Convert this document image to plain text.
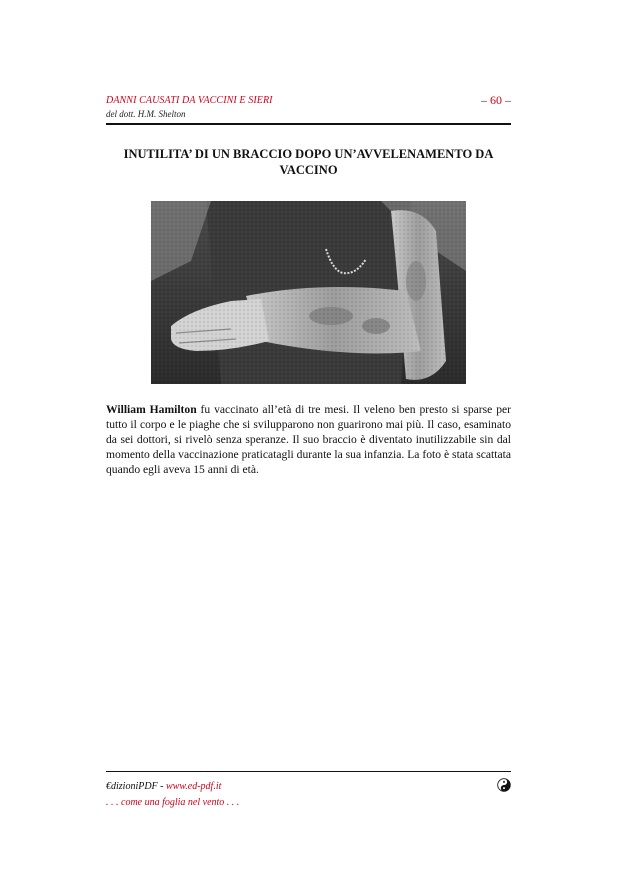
DANNI CAUSATI DA VACCINI E SIERI
del dott. H.M. Shelton
– 60 –
INUTILITA’ DI UN BRACCIO DOPO UN’AVVELENAMENTO DA VACCINO
William Hamilton fu vaccinato all’età di tre mesi. Il veleno ben presto si sparse per tutto il corpo e le piaghe che si svilupparono non guarirono mai più. Il caso, esaminato da sei dottori, si rivelò senza speranze. Il suo braccio è diventato inutilizzabile sin dal momento della vaccinazione praticatagli durante la sua infanzia. La foto è stata scattata quando egli aveva 15 anni di età.
€dizioniPDF - www.ed-pdf.it
. . . come una foglia nel vento . . .
